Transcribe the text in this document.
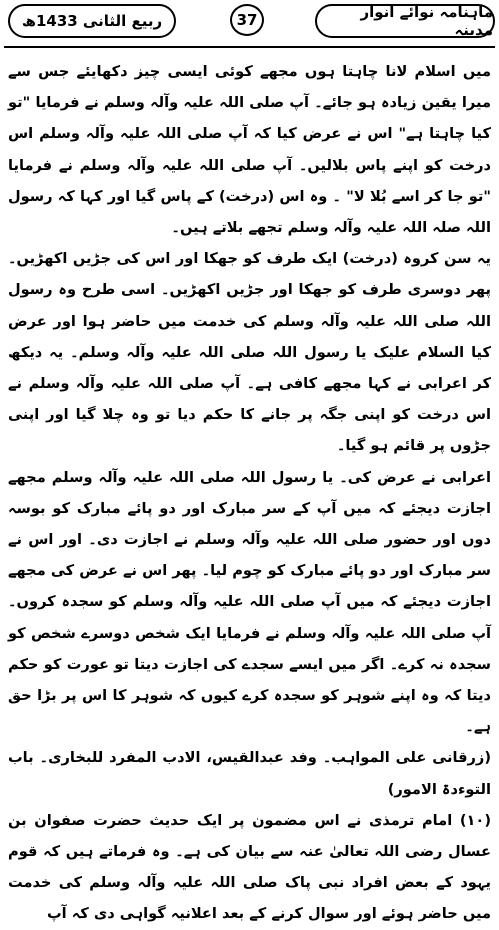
ماہنامہ نوائے انوار مدینہ
37
ربیع الثانی 1433ھ

میں اسلام لانا چاہتا ہوں مجھے کوئی ایسی چیز دکھایئے جس سے میرا یقین زیادہ ہو جائے۔ آپ صلی اللہ علیہ وآلہ وسلم نے فرمایا "تو کیا چاہتا ہے" اس نے عرض کیا کہ آپ صلی اللہ علیہ وآلہ وسلم اس درخت کو اپنے پاس بلالیں۔ آپ صلی اللہ علیہ وآلہ وسلم نے فرمایا "تو جا کر اسے بُلا لا" ۔ وہ اس (درخت) کے پاس گیا اور کہا کہ رسول اللہ صلہ اللہ علیہ وآلہ وسلم تجھے بلاتے ہیں۔

یہ سن کروہ (درخت) ایک طرف کو جھکا اور اس کی جڑیں اکھڑیں۔ پھر دوسری طرف کو جھکا اور جڑیں اکھڑیں۔ اسی طرح وہ رسول اللہ صلی اللہ علیہ وآلہ وسلم کی خدمت میں حاضر ہوا اور عرض کیا السلام علیک یا رسول اللہ صلی اللہ علیہ وآلہ وسلم۔ یہ دیکھ کر اعرابی نے کہا مجھے کافی ہے۔ آپ صلی اللہ علیہ وآلہ وسلم نے اس درخت کو اپنی جگہ پر جانے کا حکم دیا تو وہ چلا گیا اور اپنی جڑوں پر قائم ہو گیا۔

اعرابی نے عرض کی۔ یا رسول اللہ صلی اللہ علیہ وآلہ وسلم مجھے اجازت دیجئے کہ میں آپ کے سر مبارک اور دو پائے مبارک کو بوسہ دوں اور حضور صلی اللہ علیہ وآلہ وسلم نے اجازت دی۔ اور اس نے سر مبارک اور دو پائے مبارک کو چوم لیا۔ پھر اس نے عرض کی مجھے اجازت دیجئے کہ میں آپ صلی اللہ علیہ وآلہ وسلم کو سجدہ کروں۔ آپ صلی اللہ علیہ وآلہ وسلم نے فرمایا ایک شخص دوسرے شخص کو سجدہ نہ کرے۔ اگر میں ایسے سجدے کی اجازت دیتا تو عورت کو حکم دیتا کہ وہ اپنے شوہر کو سجدہ کرے کیوں کہ شوہر کا اس پر بڑا حق ہے۔

(زرقانی علی المواہب۔ وفد عبدالقیس، الادب المفرد للبخاری۔ باب التوءدۃ الامور)

(۱۰) امام ترمذی نے اس مضمون پر ایک حدیث حضرت صفوان بن عسال رضی اللہ تعالیٰ عنہ سے بیان کی ہے۔ وہ فرماتے ہیں کہ قوم یہود کے بعض افراد نبی پاک صلی اللہ علیہ وآلہ وسلم کی خدمت میں حاضر ہوئے اور سوال کرنے کے بعد اعلانیہ گواہی دی کہ آپ
